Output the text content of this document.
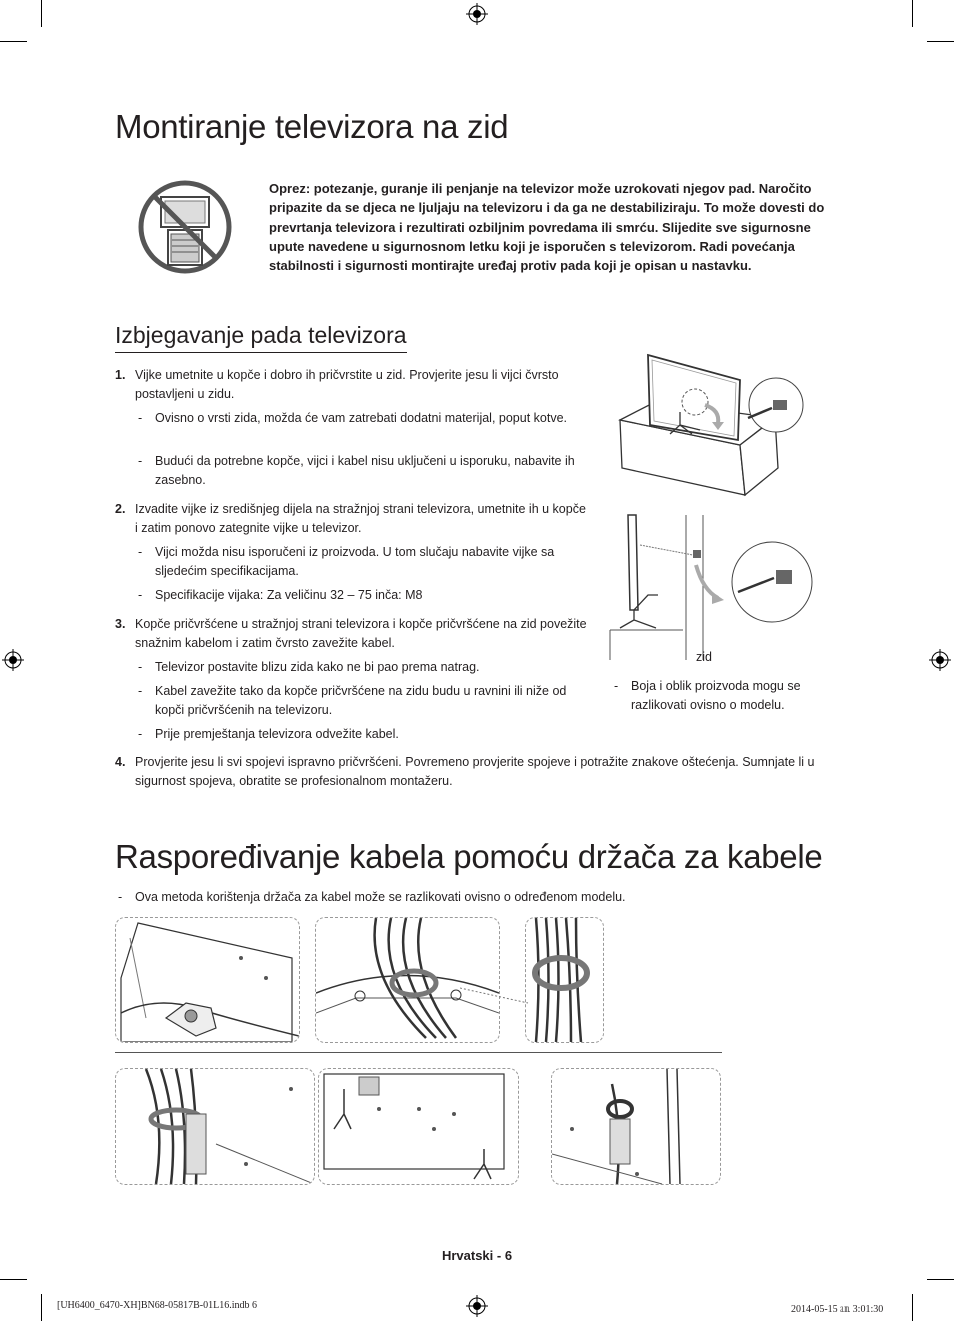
Montiranje televizora na zid

Oprez: potezanje, guranje ili penjanje na televizor može uzrokovati njegov pad. Naročito pripazite da se djeca ne ljuljaju na televizoru i da ga ne destabiliziraju. To može dovesti do prevrtanja televizora i rezultirati ozbiljnim povredama ili smrću. Slijedite sve sigurnosne upute navedene u sigurnosnom letku koji je isporučen s televizorom. Radi povećanja stabilnosti i sigurnosti montirajte uređaj protiv pada koji je opisan u nastavku.

Izbjegavanje pada televizora
1. Vijke umetnite u kopče i dobro ih pričvrstite u zid. Provjerite jesu li vijci čvrsto postavljeni u zidu.
- Ovisno o vrsti zida, možda će vam zatrebati dodatni materijal, poput kotve.
- Budući da potrebne kopče, vijci i kabel nisu uključeni u isporuku, nabavite ih zasebno.
2. Izvadite vijke iz središnjeg dijela na stražnjoj strani televizora, umetnite ih u kopče i zatim ponovo zategnite vijke u televizor.
- Vijci možda nisu isporučeni iz proizvoda. U tom slučaju nabavite vijke sa sljedećim specifikacijama.
- Specifikacije vijaka: Za veličinu 32 – 75 inča: M8
3. Kopče pričvršćene u stražnjoj strani televizora i kopče pričvršćene na zid povežite snažnim kabelom i zatim čvrsto zavežite kabel.
- Televizor postavite blizu zida kako ne bi pao prema natrag.
- Kabel zavežite tako da kopče pričvršćene na zidu budu u ravnini ili niže od kopči pričvršćenih na televizoru.
- Prije premještanja televizora odvežite kabel.
4. Provjerite jesu li svi spojevi ispravno pričvršćeni. Povremeno provjerite spojeve i potražite znakove oštećenja. Sumnjate li u sigurnost spojeva, obratite se profesionalnom montažeru.
zid
- Boja i oblik proizvoda mogu se razlikovati ovisno o modelu.
Raspoređivanje kabela pomoću držača za kabele
- Ova metoda korištenja držača za kabel može se razlikovati ovisno o određenom modelu.
Hrvatski - 6
[UH6400_6470-XH]BN68-05817B-01L16.indb 6	2014-05-15 ㏂ 3:01:30
